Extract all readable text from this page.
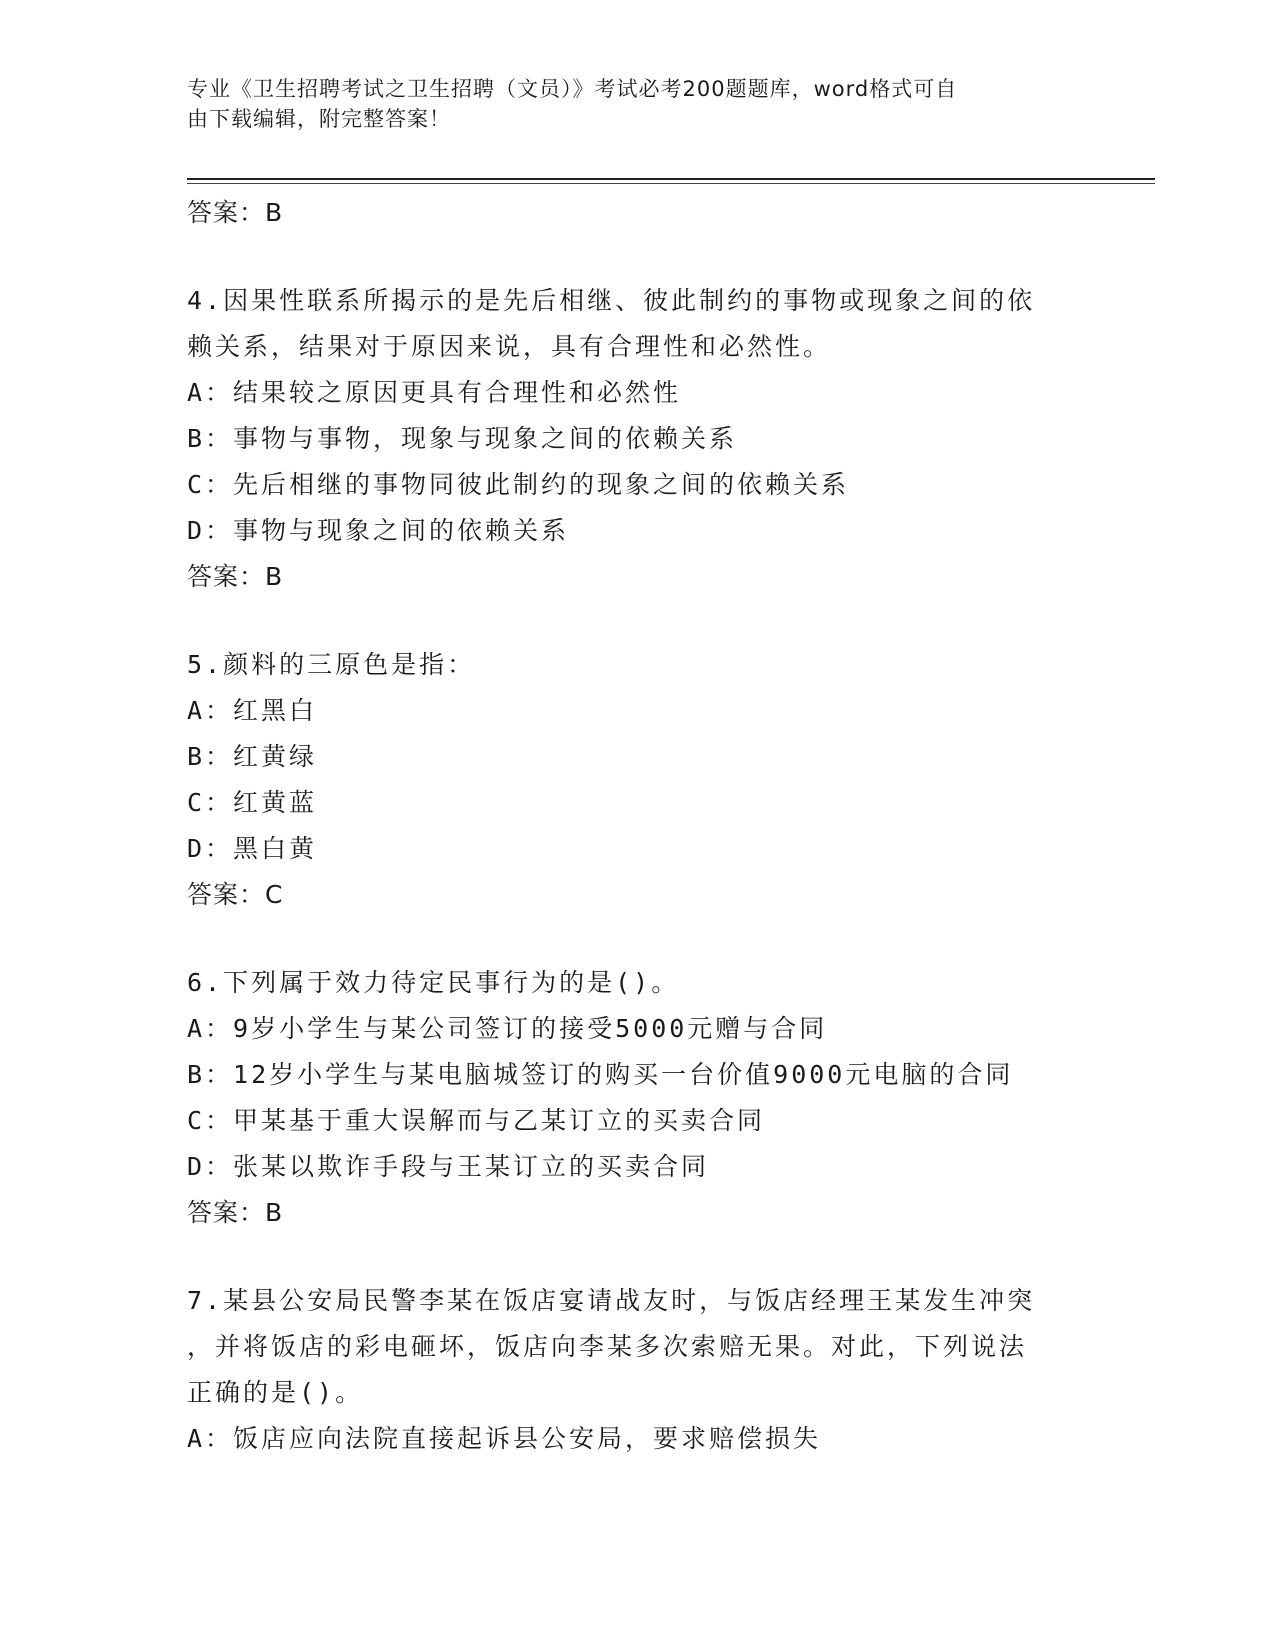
专业《卫生招聘考试之卫生招聘（文员）》考试必考200题题库，word格式可自
由下载编辑，附完整答案！
答案：B
4.因果性联系所揭示的是先后相继、彼此制约的事物或现象之间的依
赖关系，结果对于原因来说，具有合理性和必然性。
A：结果较之原因更具有合理性和必然性
B：事物与事物，现象与现象之间的依赖关系
C：先后相继的事物同彼此制约的现象之间的依赖关系
D：事物与现象之间的依赖关系
答案：B
5.颜料的三原色是指：
A：红黑白
B：红黄绿
C：红黄蓝
D：黑白黄
答案：C
6.下列属于效力待定民事行为的是()。
A：9岁小学生与某公司签订的接受5000元赠与合同
B：12岁小学生与某电脑城签订的购买一台价值9000元电脑的合同
C：甲某基于重大误解而与乙某订立的买卖合同
D：张某以欺诈手段与王某订立的买卖合同
答案：B
7.某县公安局民警李某在饭店宴请战友时，与饭店经理王某发生冲突
，并将饭店的彩电砸坏，饭店向李某多次索赔无果。对此，下列说法
正确的是()。
A：饭店应向法院直接起诉县公安局，要求赔偿损失
